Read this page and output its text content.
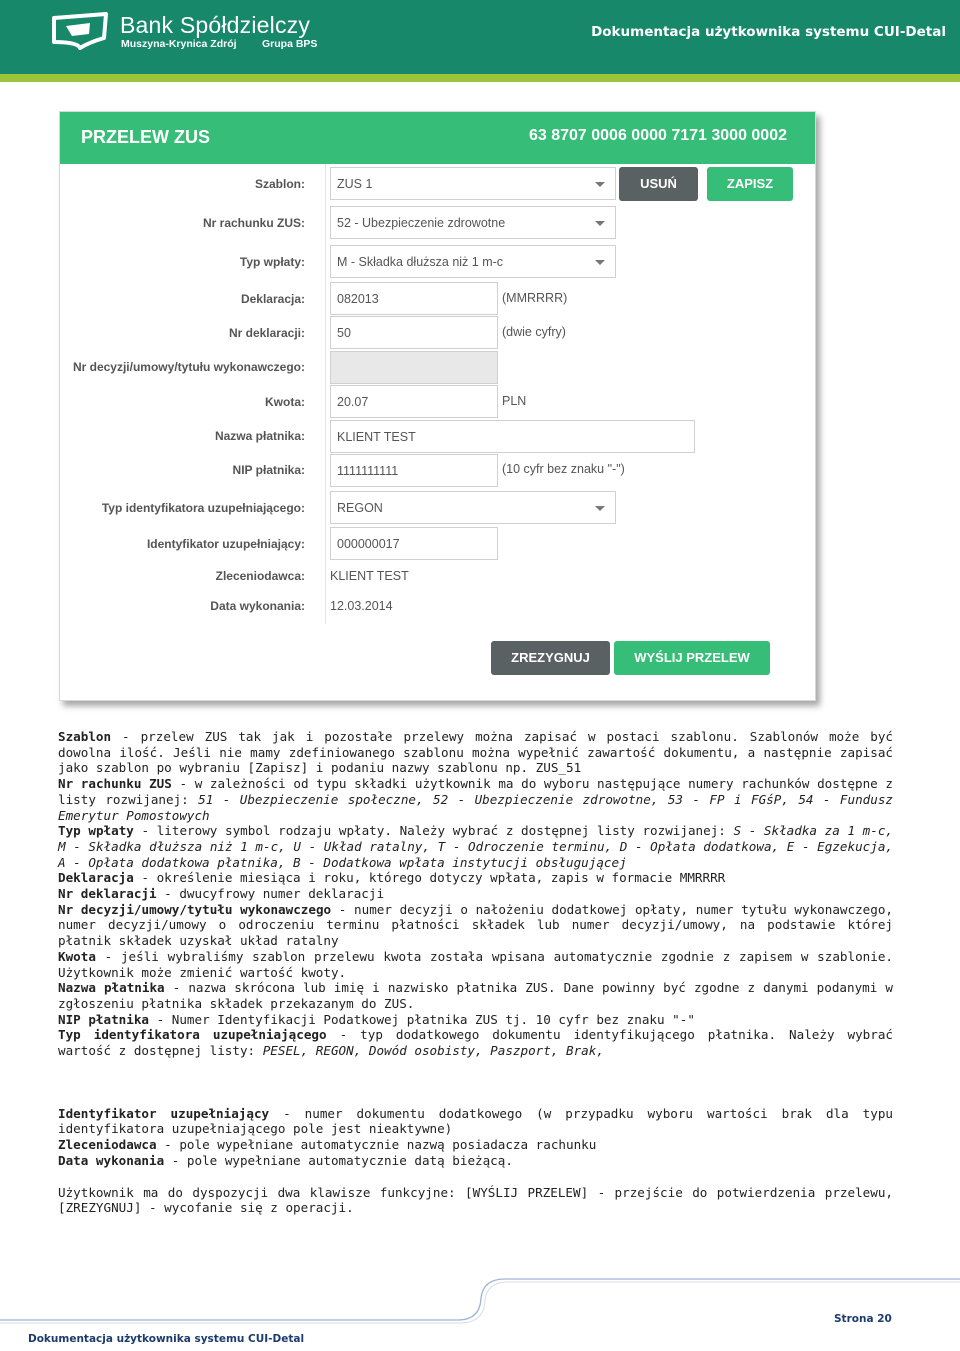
Bank Spółdzielczy
Muszyna-Krynica Zdrój Grupa BPS
Dokumentacja użytkownika systemu CUI-Detal
PRZELEW ZUS	63 8707 0006 0000 7171 3000 0002
Szablon:	ZUS 1	USUŃ	ZAPISZ
Nr rachunku ZUS:	52 - Ubezpieczenie zdrowotne
Typ wpłaty:	M - Składka dłuższa niż 1 m-c
Deklaracja:	082013	(MMRRRR)
Nr deklaracji:	50	(dwie cyfry)
Nr decyzji/umowy/tytułu wykonawczego:
Kwota:	20.07	PLN
Nazwa płatnika:	KLIENT TEST
NIP płatnika:	1111111111	(10 cyfr bez znaku "-")
Typ identyfikatora uzupełniającego:	REGON
Identyfikator uzupełniający:	000000017
Zleceniodawca: KLIENT TEST
Data wykonania: 12.03.2014
ZREZYGNUJ	WYŚLIJ PRZELEW

Szablon - przelew ZUS tak jak i pozostałe przelewy można zapisać w postaci szablonu. Szablonów może być dowolna ilość. Jeśli nie mamy zdefiniowanego szablonu można wypełnić zawartość dokumentu, a następnie zapisać jako szablon po wybraniu [Zapisz] i podaniu nazwy szablonu np. ZUS_51

Nr rachunku ZUS - w zależności od typu składki użytkownik ma do wyboru następujące numery rachunków dostępne z listy rozwijanej: 51 - Ubezpieczenie społeczne, 52 - Ubezpieczenie zdrowotne, 53 - FP i FGśP, 54 - Fundusz Emerytur Pomostowych

Typ wpłaty - literowy symbol rodzaju wpłaty. Należy wybrać z dostępnej listy rozwijanej: S - Składka za 1 m-c, M - Składka dłuższa niż 1 m-c, U - Układ ratalny, T - Odroczenie terminu, D - Opłata dodatkowa, E - Egzekucja, A - Opłata dodatkowa płatnika, B - Dodatkowa wpłata instytucji obsługującej

Deklaracja - określenie miesiąca i roku, którego dotyczy wpłata, zapis w formacie MMRRRR

Nr deklaracji - dwucyfrowy numer deklaracji

Nr decyzji/umowy/tytułu wykonawczego - numer decyzji o nałożeniu dodatkowej opłaty, numer tytułu wykonawczego, numer decyzji/umowy o odroczeniu terminu płatności składek lub numer decyzji/umowy, na podstawie której płatnik składek uzyskał układ ratalny

Kwota - jeśli wybraliśmy szablon przelewu kwota została wpisana automatycznie zgodnie z zapisem w szablonie. Użytkownik może zmienić wartość kwoty.

Nazwa płatnika - nazwa skrócona lub imię i nazwisko płatnika ZUS. Dane powinny być zgodne z danymi podanymi w zgłoszeniu płatnika składek przekazanym do ZUS.

NIP płatnika - Numer Identyfikacji Podatkowej płatnika ZUS tj. 10 cyfr bez znaku "-"

Typ identyfikatora uzupełniającego - typ dodatkowego dokumentu identyfikującego płatnika. Należy wybrać wartość z dostępnej listy: PESEL, REGON, Dowód osobisty, Paszport, Brak,

Identyfikator uzupełniający - numer dokumentu dodatkowego (w przypadku wyboru wartości brak dla typu identyfikatora uzupełniającego pole jest nieaktywne)

Zleceniodawca - pole wypełniane automatycznie nazwą posiadacza rachunku

Data wykonania - pole wypełniane automatycznie datą bieżącą.

Użytkownik ma do dyspozycji dwa klawisze funkcyjne: [WYŚLIJ PRZELEW] - przejście do potwierdzenia przelewu, [ZREZYGNUJ] - wycofanie się z operacji.

Strona 20
Dokumentacja użytkownika systemu CUI-Detal
